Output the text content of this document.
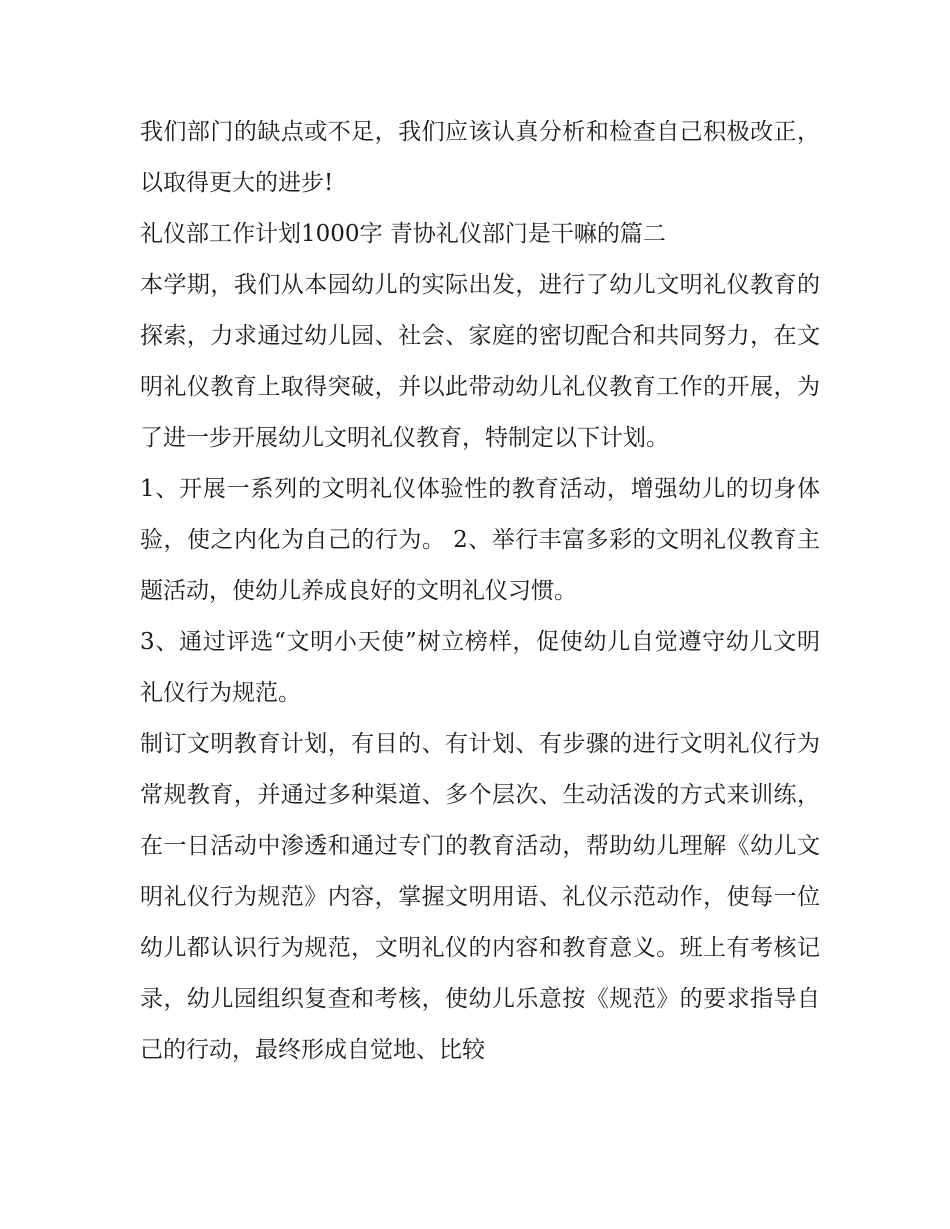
我们部门的缺点或不足，我们应该认真分析和检查自己积极改正，以取得更大的进步!

礼仪部工作计划1000字 青协礼仪部门是干嘛的篇二

本学期，我们从本园幼儿的实际出发，进行了幼儿文明礼仪教育的探索，力求通过幼儿园、社会、家庭的密切配合和共同努力，在文明礼仪教育上取得突破，并以此带动幼儿礼仪教育工作的开展，为了进一步开展幼儿文明礼仪教育，特制定以下计划。

1、开展一系列的文明礼仪体验性的教育活动，增强幼儿的切身体验，使之内化为自己的行为。 2、举行丰富多彩的文明礼仪教育主题活动，使幼儿养成良好的文明礼仪习惯。

3、通过评选“文明小天使”树立榜样，促使幼儿自觉遵守幼儿文明礼仪行为规范。

制订文明教育计划，有目的、有计划、有步骤的进行文明礼仪行为常规教育，并通过多种渠道、多个层次、生动活泼的方式来训练，在一日活动中渗透和通过专门的教育活动，帮助幼儿理解《幼儿文明礼仪行为规范》内容，掌握文明用语、礼仪示范动作，使每一位幼儿都认识行为规范，文明礼仪的内容和教育意义。班上有考核记录，幼儿园组织复查和考核，使幼儿乐意按《规范》的要求指导自己的行动，最终形成自觉地、比较
